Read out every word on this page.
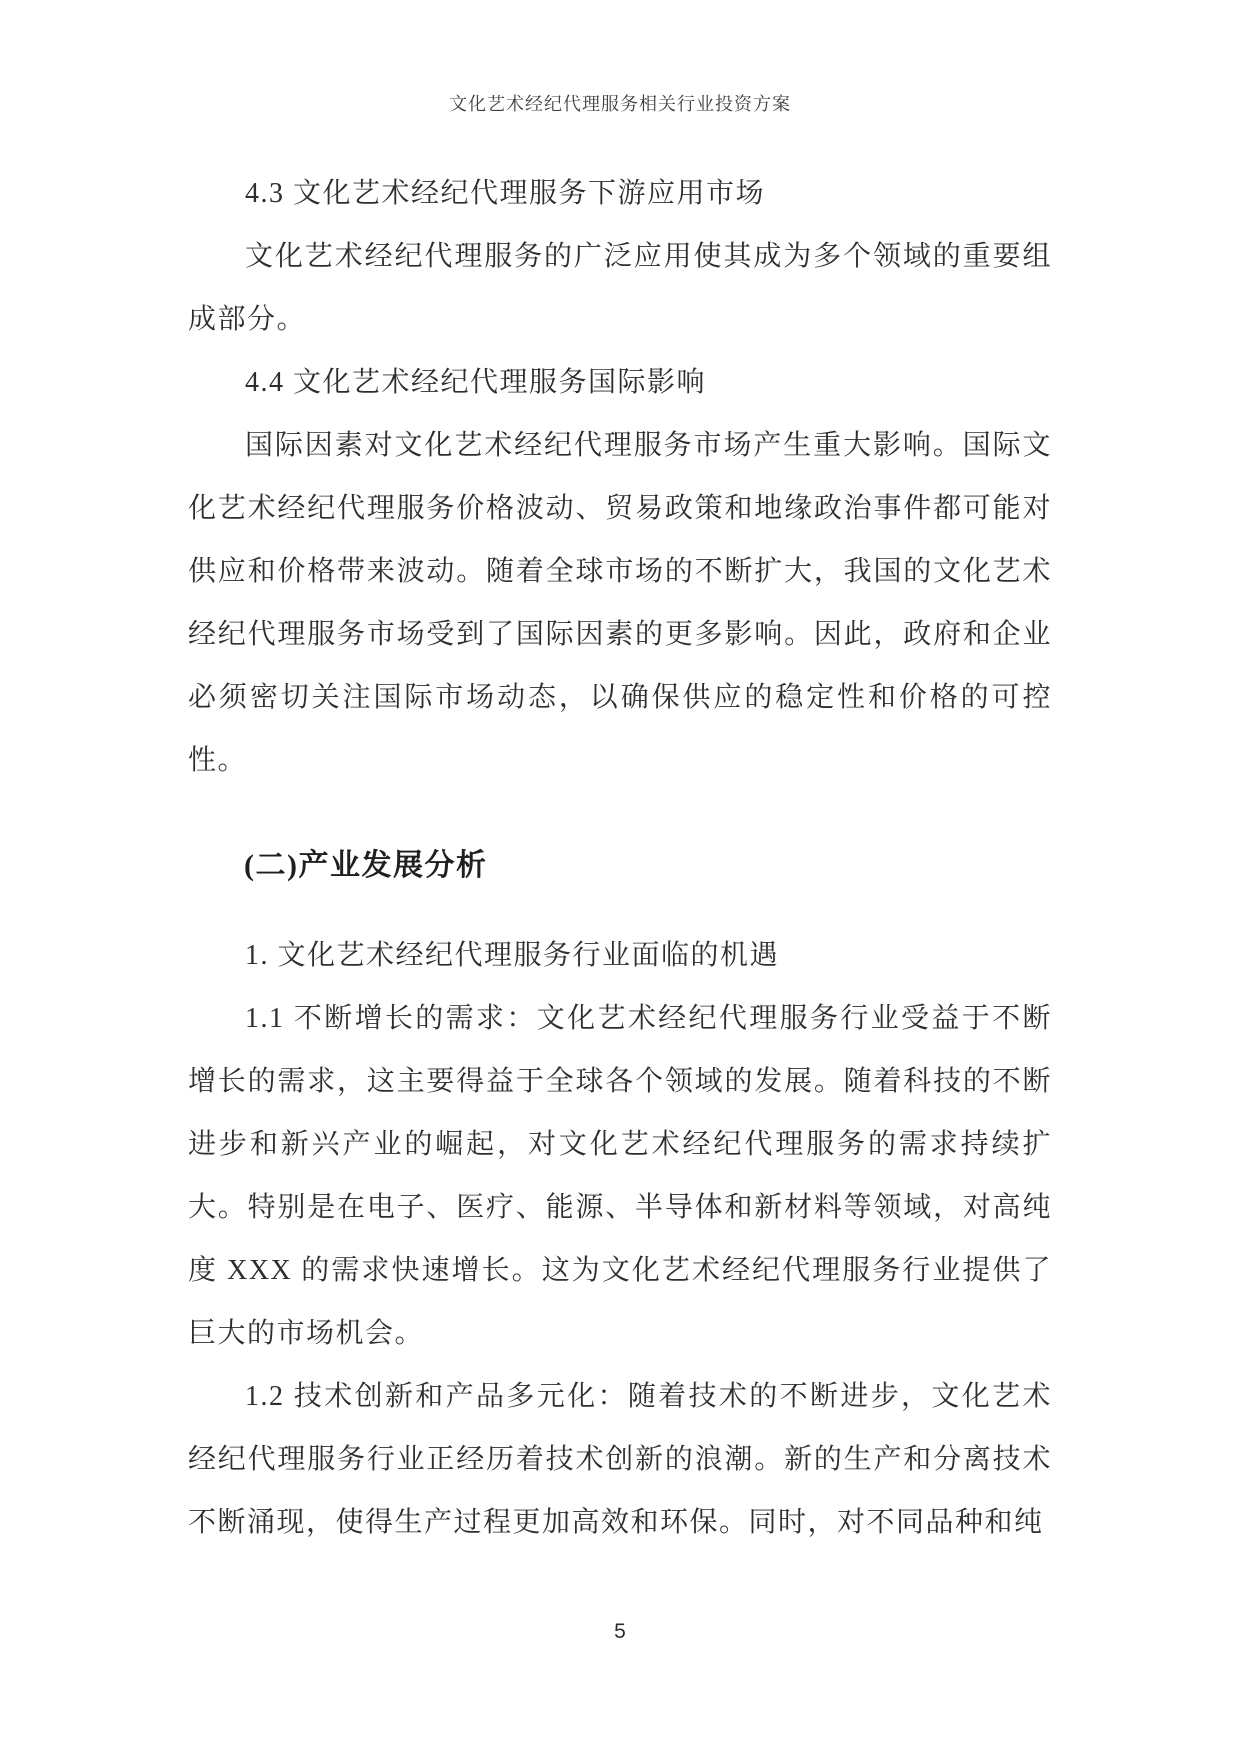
文化艺术经纪代理服务相关行业投资方案

4.3 文化艺术经纪代理服务下游应用市场

文化艺术经纪代理服务的广泛应用使其成为多个领域的重要组成部分。

4.4 文化艺术经纪代理服务国际影响

国际因素对文化艺术经纪代理服务市场产生重大影响。国际文化艺术经纪代理服务价格波动、贸易政策和地缘政治事件都可能对供应和价格带来波动。随着全球市场的不断扩大，我国的文化艺术经纪代理服务市场受到了国际因素的更多影响。因此，政府和企业必须密切关注国际市场动态，以确保供应的稳定性和价格的可控性。

(二)产业发展分析

1. 文化艺术经纪代理服务行业面临的机遇

1.1 不断增长的需求：文化艺术经纪代理服务行业受益于不断增长的需求，这主要得益于全球各个领域的发展。随着科技的不断进步和新兴产业的崛起，对文化艺术经纪代理服务的需求持续扩大。特别是在电子、医疗、能源、半导体和新材料等领域，对高纯度 XXX 的需求快速增长。这为文化艺术经纪代理服务行业提供了巨大的市场机会。

1.2 技术创新和产品多元化：随着技术的不断进步，文化艺术经纪代理服务行业正经历着技术创新的浪潮。新的生产和分离技术不断涌现，使得生产过程更加高效和环保。同时，对不同品种和纯

5
